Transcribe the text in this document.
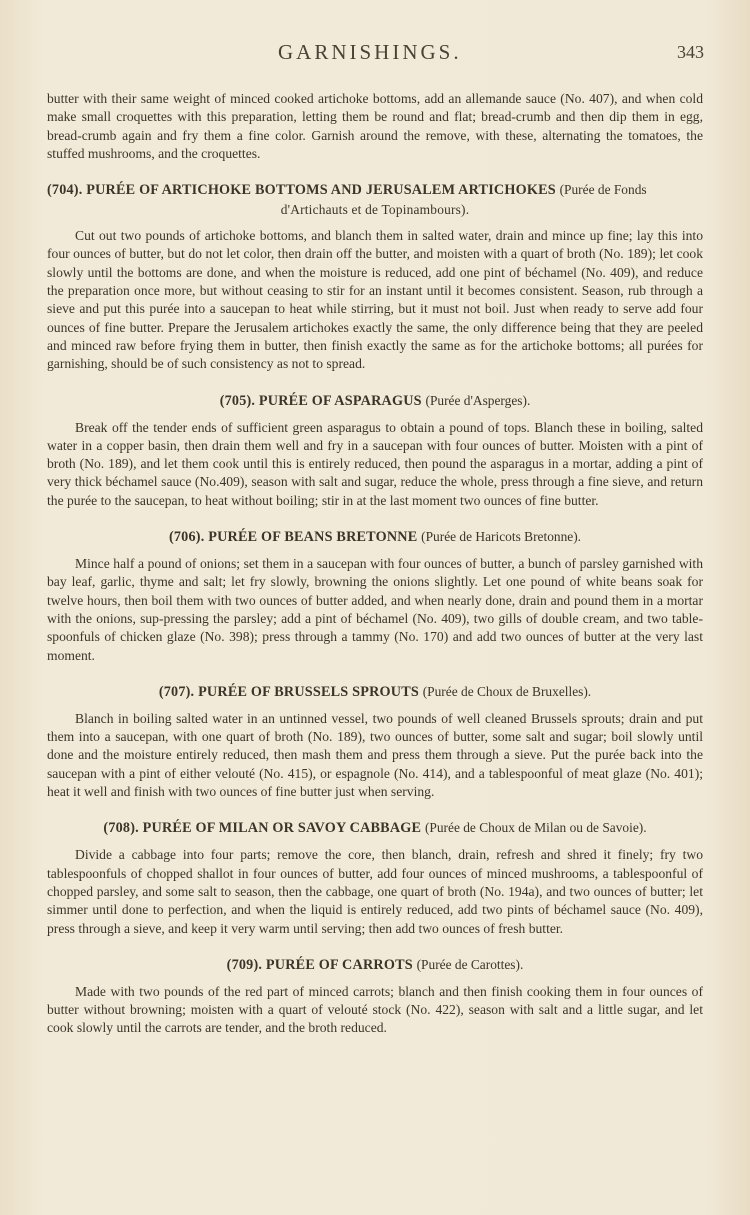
GARNISHINGS.	343

butter with their same weight of minced cooked artichoke bottoms, add an allemande sauce (No. 407), and when cold make small croquettes with this preparation, letting them be round and flat; bread-crumb and then dip them in egg, bread-crumb again and fry them a fine color. Garnish around the remove, with these, alternating the tomatoes, the stuffed mushrooms, and the croquettes.

(704). PURÉE OF ARTICHOKE BOTTOMS AND JERUSALEM ARTICHOKES (Purée de Fonds
d'Artichauts et de Topinambours).

Cut out two pounds of artichoke bottoms, and blanch them in salted water, drain and mince up fine; lay this into four ounces of butter, but do not let color, then drain off the butter, and moisten with a quart of broth (No. 189); let cook slowly until the bottoms are done, and when the moisture is reduced, add one pint of béchamel (No. 409), and reduce the preparation once more, but without ceasing to stir for an instant until it becomes consistent. Season, rub through a sieve and put this purée into a saucepan to heat while stirring, but it must not boil. Just when ready to serve add four ounces of fine butter. Prepare the Jerusalem artichokes exactly the same, the only difference being that they are peeled and minced raw before frying them in butter, then finish exactly the same as for the artichoke bottoms; all purées for garnishing, should be of such consistency as not to spread.

(705). PURÉE OF ASPARAGUS (Purée d'Asperges).

Break off the tender ends of sufficient green asparagus to obtain a pound of tops. Blanch these in boiling, salted water in a copper basin, then drain them well and fry in a saucepan with four ounces of butter. Moisten with a pint of broth (No. 189), and let them cook until this is entirely reduced, then pound the asparagus in a mortar, adding a pint of very thick béchamel sauce (No.409), season with salt and sugar, reduce the whole, press through a fine sieve, and return the purée to the saucepan, to heat without boiling; stir in at the last moment two ounces of fine butter.

(706). PURÉE OF BEANS BRETONNE (Purée de Haricots Bretonne).

Mince half a pound of onions; set them in a saucepan with four ounces of butter, a bunch of parsley garnished with bay leaf, garlic, thyme and salt; let fry slowly, browning the onions slightly. Let one pound of white beans soak for twelve hours, then boil them with two ounces of butter added, and when nearly done, drain and pound them in a mortar with the onions, sup-pressing the parsley; add a pint of béchamel (No. 409), two gills of double cream, and two table-spoonfuls of chicken glaze (No. 398); press through a tammy (No. 170) and add two ounces of butter at the very last moment.

(707). PURÉE OF BRUSSELS SPROUTS (Purée de Choux de Bruxelles).

Blanch in boiling salted water in an untinned vessel, two pounds of well cleaned Brussels sprouts; drain and put them into a saucepan, with one quart of broth (No. 189), two ounces of butter, some salt and sugar; boil slowly until done and the moisture entirely reduced, then mash them and press them through a sieve. Put the purée back into the saucepan with a pint of either velouté (No. 415), or espagnole (No. 414), and a tablespoonful of meat glaze (No. 401); heat it well and finish with two ounces of fine butter just when serving.

(708). PURÉE OF MILAN OR SAVOY CABBAGE (Purée de Choux de Milan ou de Savoie).

Divide a cabbage into four parts; remove the core, then blanch, drain, refresh and shred it finely; fry two tablespoonfuls of chopped shallot in four ounces of butter, add four ounces of minced mushrooms, a tablespoonful of chopped parsley, and some salt to season, then the cabbage, one quart of broth (No. 194a), and two ounces of butter; let simmer until done to perfection, and when the liquid is entirely reduced, add two pints of béchamel sauce (No. 409), press through a sieve, and keep it very warm until serving; then add two ounces of fresh butter.

(709). PURÉE OF CARROTS (Purée de Carottes).

Made with two pounds of the red part of minced carrots; blanch and then finish cooking them in four ounces of butter without browning; moisten with a quart of velouté stock (No. 422), season with salt and a little sugar, and let cook slowly until the carrots are tender, and the broth reduced.
